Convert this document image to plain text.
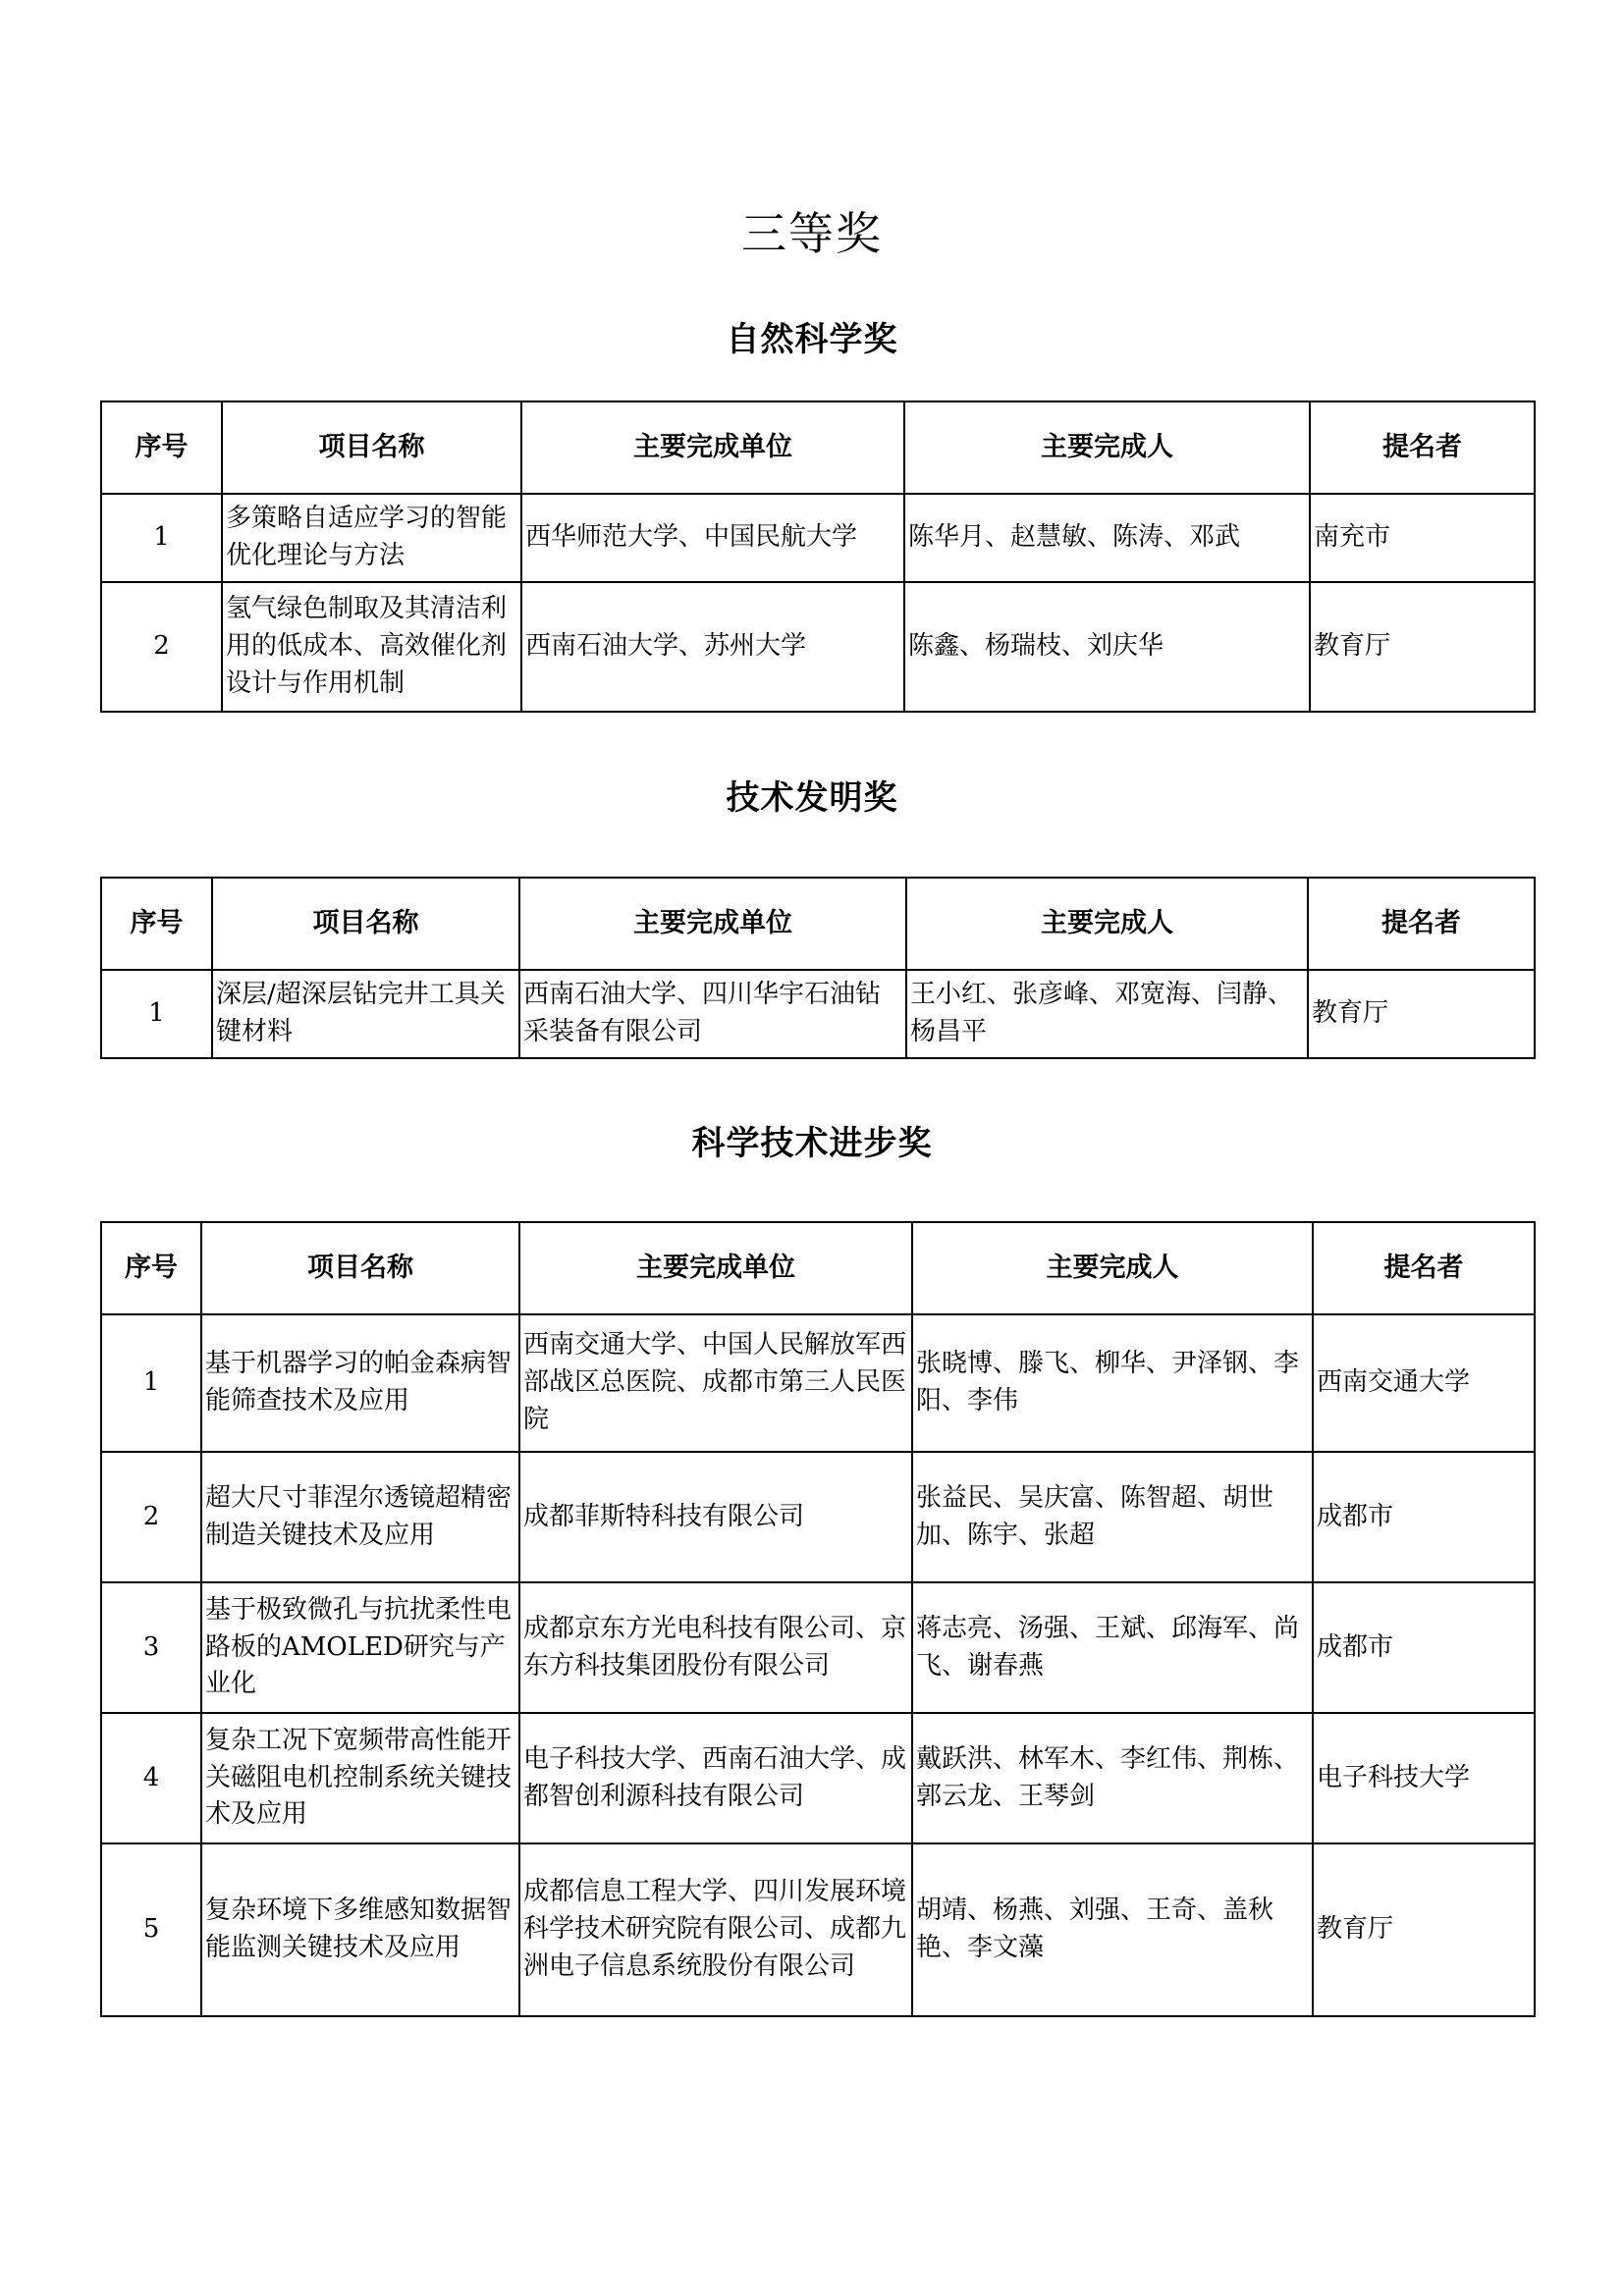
三等奖
自然科学奖
序号	项目名称	主要完成单位	主要完成人	提名者
1	多策略自适应学习的智能优化理论与方法	西华师范大学、中国民航大学	陈华月、赵慧敏、陈涛、邓武	南充市
2	氢气绿色制取及其清洁利用的低成本、高效催化剂设计与作用机制	西南石油大学、苏州大学	陈鑫、杨瑞枝、刘庆华	教育厅
技术发明奖
序号	项目名称	主要完成单位	主要完成人	提名者
1	深层/超深层钻完井工具关键材料	西南石油大学、四川华宇石油钻采装备有限公司	王小红、张彦峰、邓宽海、闫静、杨昌平	教育厅
科学技术进步奖
序号	项目名称	主要完成单位	主要完成人	提名者
1	基于机器学习的帕金森病智能筛查技术及应用	西南交通大学、中国人民解放军西部战区总医院、成都市第三人民医院	张晓博、滕飞、柳华、尹泽钢、李阳、李伟	西南交通大学
2	超大尺寸菲涅尔透镜超精密制造关键技术及应用	成都菲斯特科技有限公司	张益民、吴庆富、陈智超、胡世加、陈宇、张超	成都市
3	基于极致微孔与抗扰柔性电路板的AMOLED研究与产业化	成都京东方光电科技有限公司、京东方科技集团股份有限公司	蒋志亮、汤强、王斌、邱海军、尚飞、谢春燕	成都市
4	复杂工况下宽频带高性能开关磁阻电机控制系统关键技术及应用	电子科技大学、西南石油大学、成都智创利源科技有限公司	戴跃洪、林军木、李红伟、荆栋、郭云龙、王琴剑	电子科技大学
5	复杂环境下多维感知数据智能监测关键技术及应用	成都信息工程大学、四川发展环境科学技术研究院有限公司、成都九洲电子信息系统股份有限公司	胡靖、杨燕、刘强、王奇、盖秋艳、李文藻	教育厅
